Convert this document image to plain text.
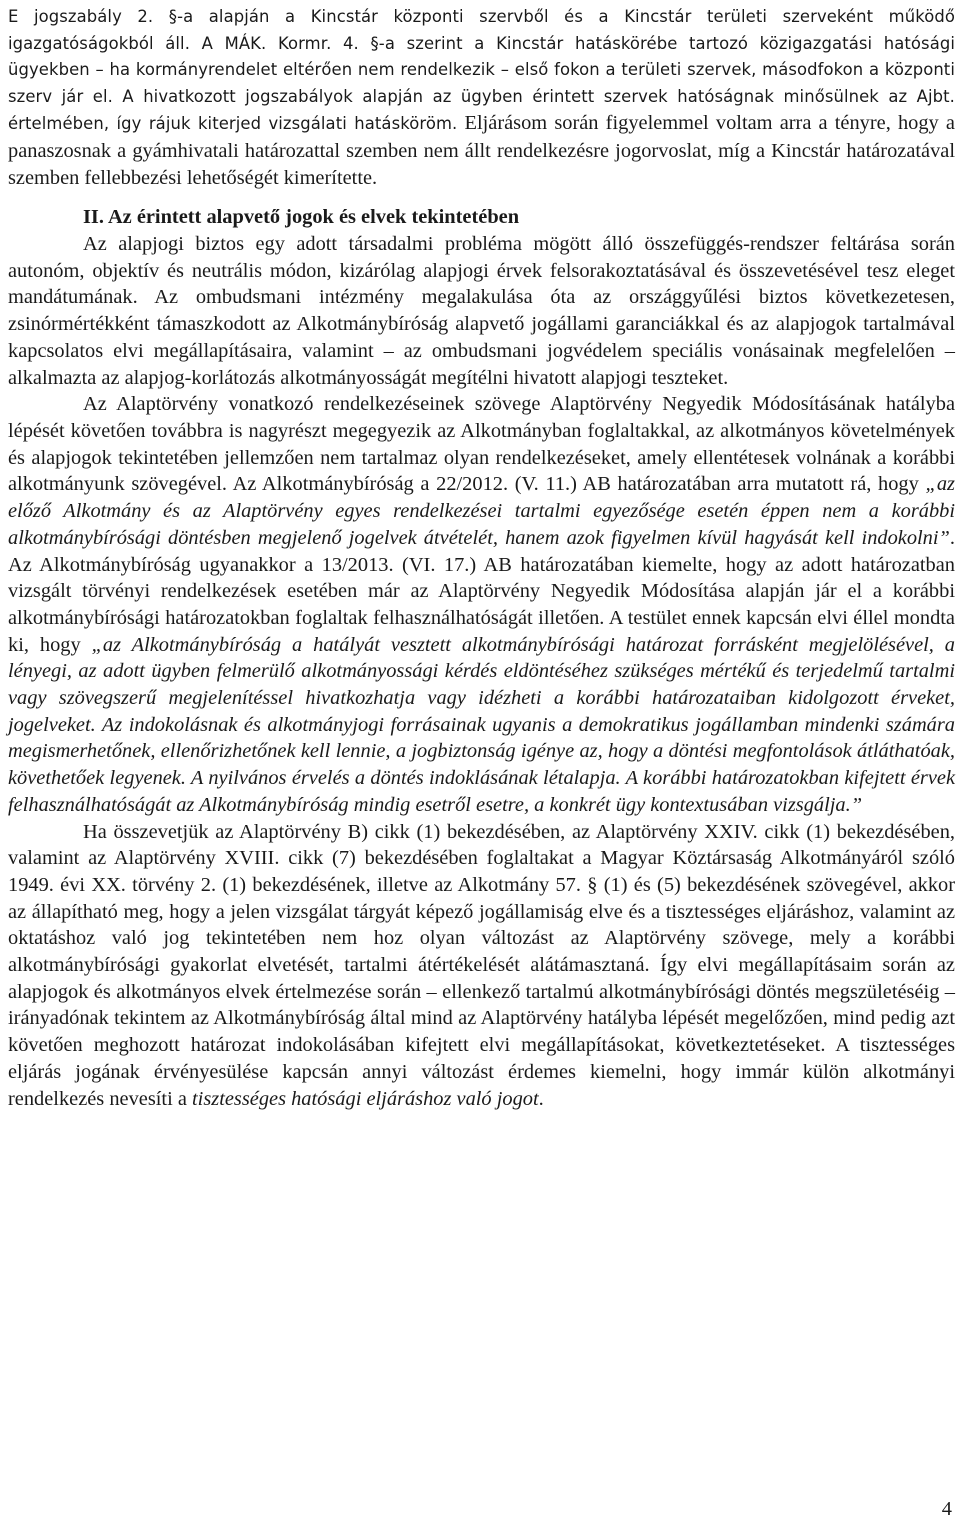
E jogszabály 2. §-a alapján a Kincstár központi szervből és a Kincstár területi szerveként működő igazgatóságokból áll. A MÁK. Kormr. 4. §-a szerint a Kincstár hatáskörébe tartozó közigazgatási hatósági ügyekben – ha kormányrendelet eltérően nem rendelkezik – első fokon a területi szervek, másodfokon a központi szerv jár el. A hivatkozott jogszabályok alapján az ügyben érintett szervek hatóságnak minősülnek az Ajbt. értelmében, így rájuk kiterjed vizsgálati hatásköröm. Eljárásom során figyelemmel voltam arra a tényre, hogy a panaszosnak a gyámhivatali határozattal szemben nem állt rendelkezésre jogorvoslat, míg a Kincstár határozatával szemben fellebbezési lehetőségét kimerítette.

II. Az érintett alapvető jogok és elvek tekintetében

Az alapjogi biztos egy adott társadalmi probléma mögött álló összefüggés-rendszer feltárása során autonóm, objektív és neutrális módon, kizárólag alapjogi érvek felsorakoztatásával és összevetésével tesz eleget mandátumának. Az ombudsmani intézmény megalakulása óta az országgyűlési biztos következetesen, zsinórmértékként támaszkodott az Alkotmánybíróság alapvető jogállami garanciákkal és az alapjogok tartalmával kapcsolatos elvi megállapításaira, valamint – az ombudsmani jogvédelem speciális vonásainak megfelelően – alkalmazta az alapjog-korlátozás alkotmányosságát megítélni hivatott alapjogi teszteket.

Az Alaptörvény vonatkozó rendelkezéseinek szövege Alaptörvény Negyedik Módosításának hatályba lépését követően továbbra is nagyrészt megegyezik az Alkotmányban foglaltakkal, az alkotmányos követelmények és alapjogok tekintetében jellemzően nem tartalmaz olyan rendelkezéseket, amely ellentétesek volnának a korábbi alkotmányunk szövegével. Az Alkotmánybíróság a 22/2012. (V. 11.) AB határozatában arra mutatott rá, hogy „az előző Alkotmány és az Alaptörvény egyes rendelkezései tartalmi egyezősége esetén éppen nem a korábbi alkotmánybírósági döntésben megjelenő jogelvek átvételét, hanem azok figyelmen kívül hagyását kell indokolni”. Az Alkotmánybíróság ugyanakkor a 13/2013. (VI. 17.) AB határozatában kiemelte, hogy az adott határozatban vizsgált törvényi rendelkezések esetében már az Alaptörvény Negyedik Módosítása alapján jár el a korábbi alkotmánybírósági határozatokban foglaltak felhasználhatóságát illetően. A testület ennek kapcsán elvi éllel mondta ki, hogy „az Alkotmánybíróság a hatályát vesztett alkotmánybírósági határozat forrásként megjelölésével, a lényegi, az adott ügyben felmerülő alkotmányossági kérdés eldöntéséhez szükséges mértékű és terjedelmű tartalmi vagy szövegszerű megjelenítéssel hivatkozhatja vagy idézheti a korábbi határozataiban kidolgozott érveket, jogelveket. Az indokolásnak és alkotmányjogi forrásainak ugyanis a demokratikus jogállamban mindenki számára megismerhetőnek, ellenőrizhetőnek kell lennie, a jogbiztonság igénye az, hogy a döntési megfontolások átláthatóak, követhetőek legyenek. A nyilvános érvelés a döntés indoklásának létalapja. A korábbi határozatokban kifejtett érvek felhasználhatóságát az Alkotmánybíróság mindig esetről esetre, a konkrét ügy kontextusában vizsgálja.”

Ha összevetjük az Alaptörvény B) cikk (1) bekezdésében, az Alaptörvény XXIV. cikk (1) bekezdésében, valamint az Alaptörvény XVIII. cikk (7) bekezdésében foglaltakat a Magyar Köztársaság Alkotmányáról szóló 1949. évi XX. törvény 2. (1) bekezdésének, illetve az Alkotmány 57. § (1) és (5) bekezdésének szövegével, akkor az állapítható meg, hogy a jelen vizsgálat tárgyát képező jogállamiság elve és a tisztességes eljáráshoz, valamint az oktatáshoz való jog tekintetében nem hoz olyan változást az Alaptörvény szövege, mely a korábbi alkotmánybírósági gyakorlat elvetését, tartalmi átértékelését alátámasztaná. Így elvi megállapításaim során az alapjogok és alkotmányos elvek értelmezése során – ellenkező tartalmú alkotmánybírósági döntés megszületéséig – irányadónak tekintem az Alkotmánybíróság által mind az Alaptörvény hatályba lépését megelőzően, mind pedig azt követően meghozott határozat indokolásában kifejtett elvi megállapításokat, következtetéseket. A tisztességes eljárás jogának érvényesülése kapcsán annyi változást érdemes kiemelni, hogy immár külön alkotmányi rendelkezés nevesíti a tisztességes hatósági eljáráshoz való jogot.

4
